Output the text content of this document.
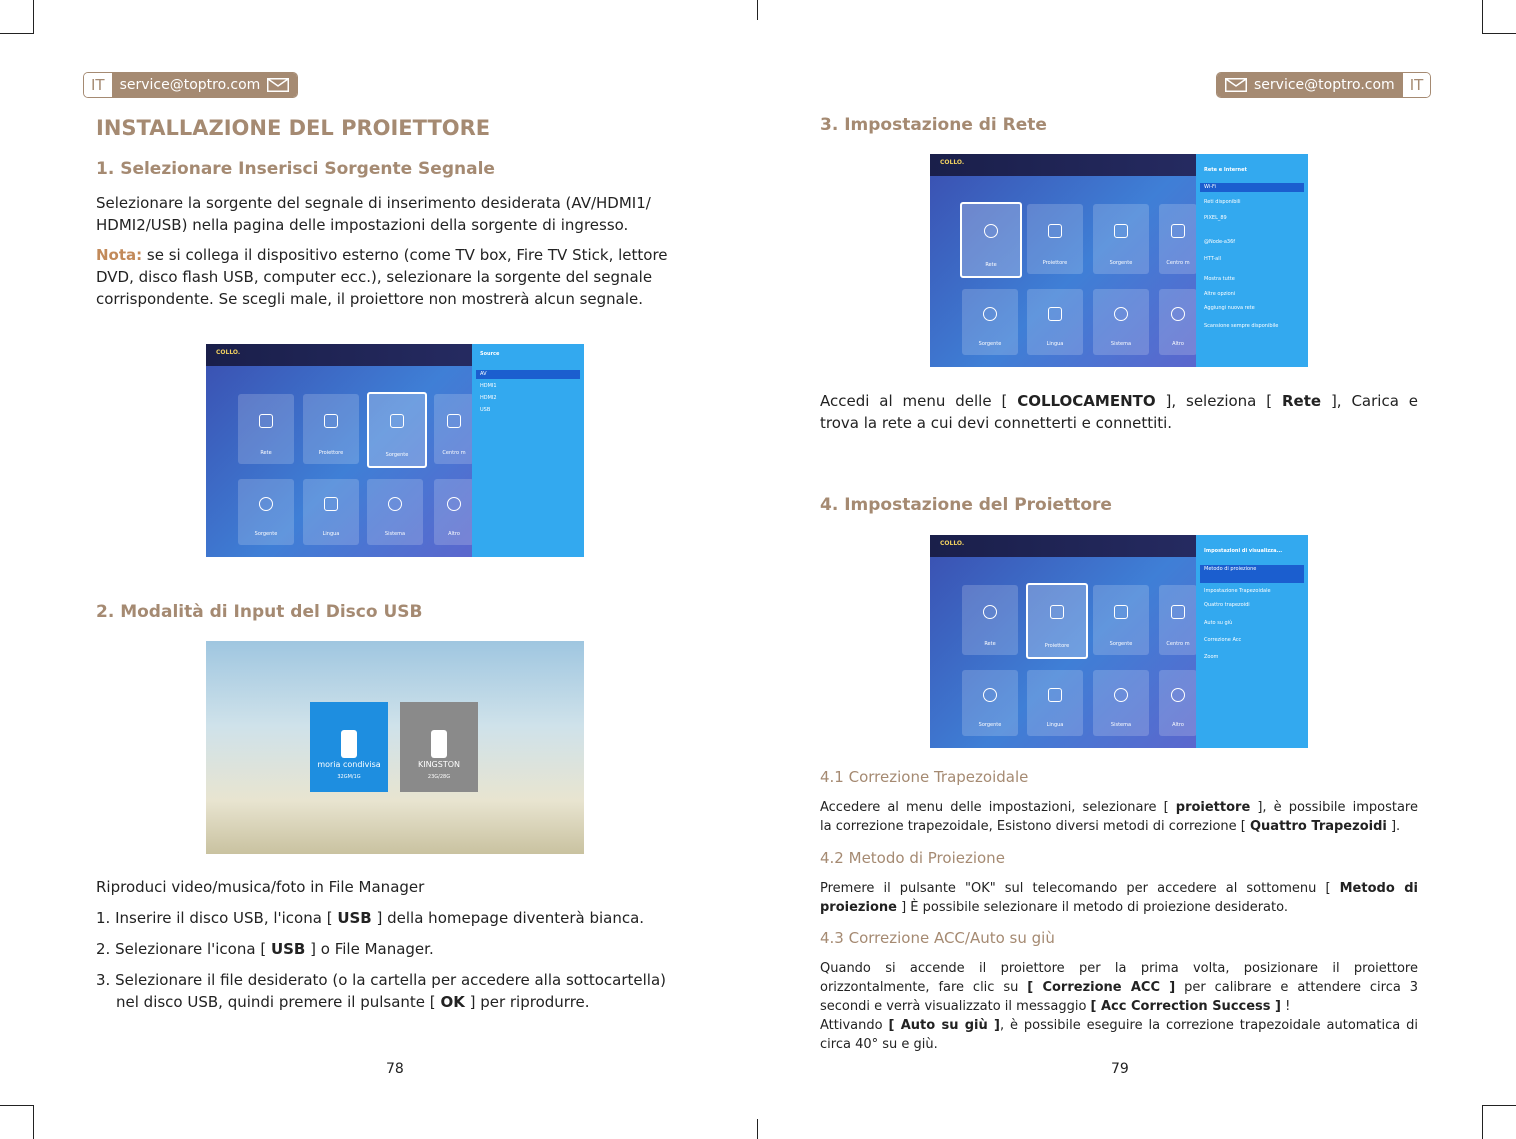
IT	service@toptro.com
INSTALLAZIONE DEL PROIETTORE
1. Selezionare Inserisci Sorgente Segnale
Selezionare la sorgente del segnale di inserimento desiderata (AV/HDMI1/
HDMI2/USB) nella pagina delle impostazioni della sorgente di ingresso.
Nota: se si collega il dispositivo esterno (come TV box, Fire TV Stick, lettore
DVD, disco flash USB, computer ecc.), selezionare la sorgente del segnale
corrispondente. Se scegli male, il proiettore non mostrerà alcun segnale.
COLLO.
Rete	Proiettore	Sorgente	Centro m
Sorgente	Lingua	Sistema	Altro
Source
AV
HDMI1
HDMI2
USB
2. Modalità di Input del Disco USB
moria condivisa
32GM/1G
KINGSTON
23G/28G
Riproduci video/musica/foto in File Manager
1. Inserire il disco USB, l'icona [ USB ] della homepage diventerà bianca.
2. Selezionare l'icona [ USB ] o File Manager.
3. Selezionare il file desiderato (o la cartella per accedere alla sottocartella)
nel disco USB, quindi premere il pulsante [ OK ] per riprodurre.
78
service@toptro.com	IT
3. Impostazione di Rete
COLLO.
Rete	Proiettore	Sorgente	Centro m
Sorgente	Lingua	Sistema	Altro
Rete e Internet
Wi-Fi
Reti disponibili
PIXEL_89
@Node-a36f
HTT-all
Mostra tutte
Altre opzioni
Aggiungi nuova rete
Scansione sempre disponibile
Accedi al menu delle [ COLLOCAMENTO ], seleziona [ Rete ], Carica e
trova la rete a cui devi connetterti e connettiti.
4. Impostazione del Proiettore
COLLO.
Rete	Proiettore	Sorgente	Centro m
Sorgente	Lingua	Sistema	Altro
Impostazioni di visualizza...
Metodo di proiezione
Impostazione Trapezoidale
Quattro trapezoidi
Auto su giù
Correzione Acc
Zoom
4.1 Correzione Trapezoidale
Accedere al menu delle impostazioni, selezionare [ proiettore ], è possibile impostare
la correzione trapezoidale, Esistono diversi metodi di correzione [ Quattro Trapezoidi ].
4.2 Metodo di Proiezione
Premere il pulsante "OK" sul telecomando per accedere al sottomenu [ Metodo di
proiezione ] È possibile selezionare il metodo di proiezione desiderato.
4.3 Correzione ACC/Auto su giù
Quando si accende il proiettore per la prima volta, posizionare il proiettore
orizzontalmente, fare clic su [ Correzione ACC ] per calibrare e attendere circa 3
secondi e verrà visualizzato il messaggio [ Acc Correction Success ] !
Attivando [ Auto su giù ], è possibile eseguire la correzione trapezoidale automatica di
circa 40° su e giù.
79
